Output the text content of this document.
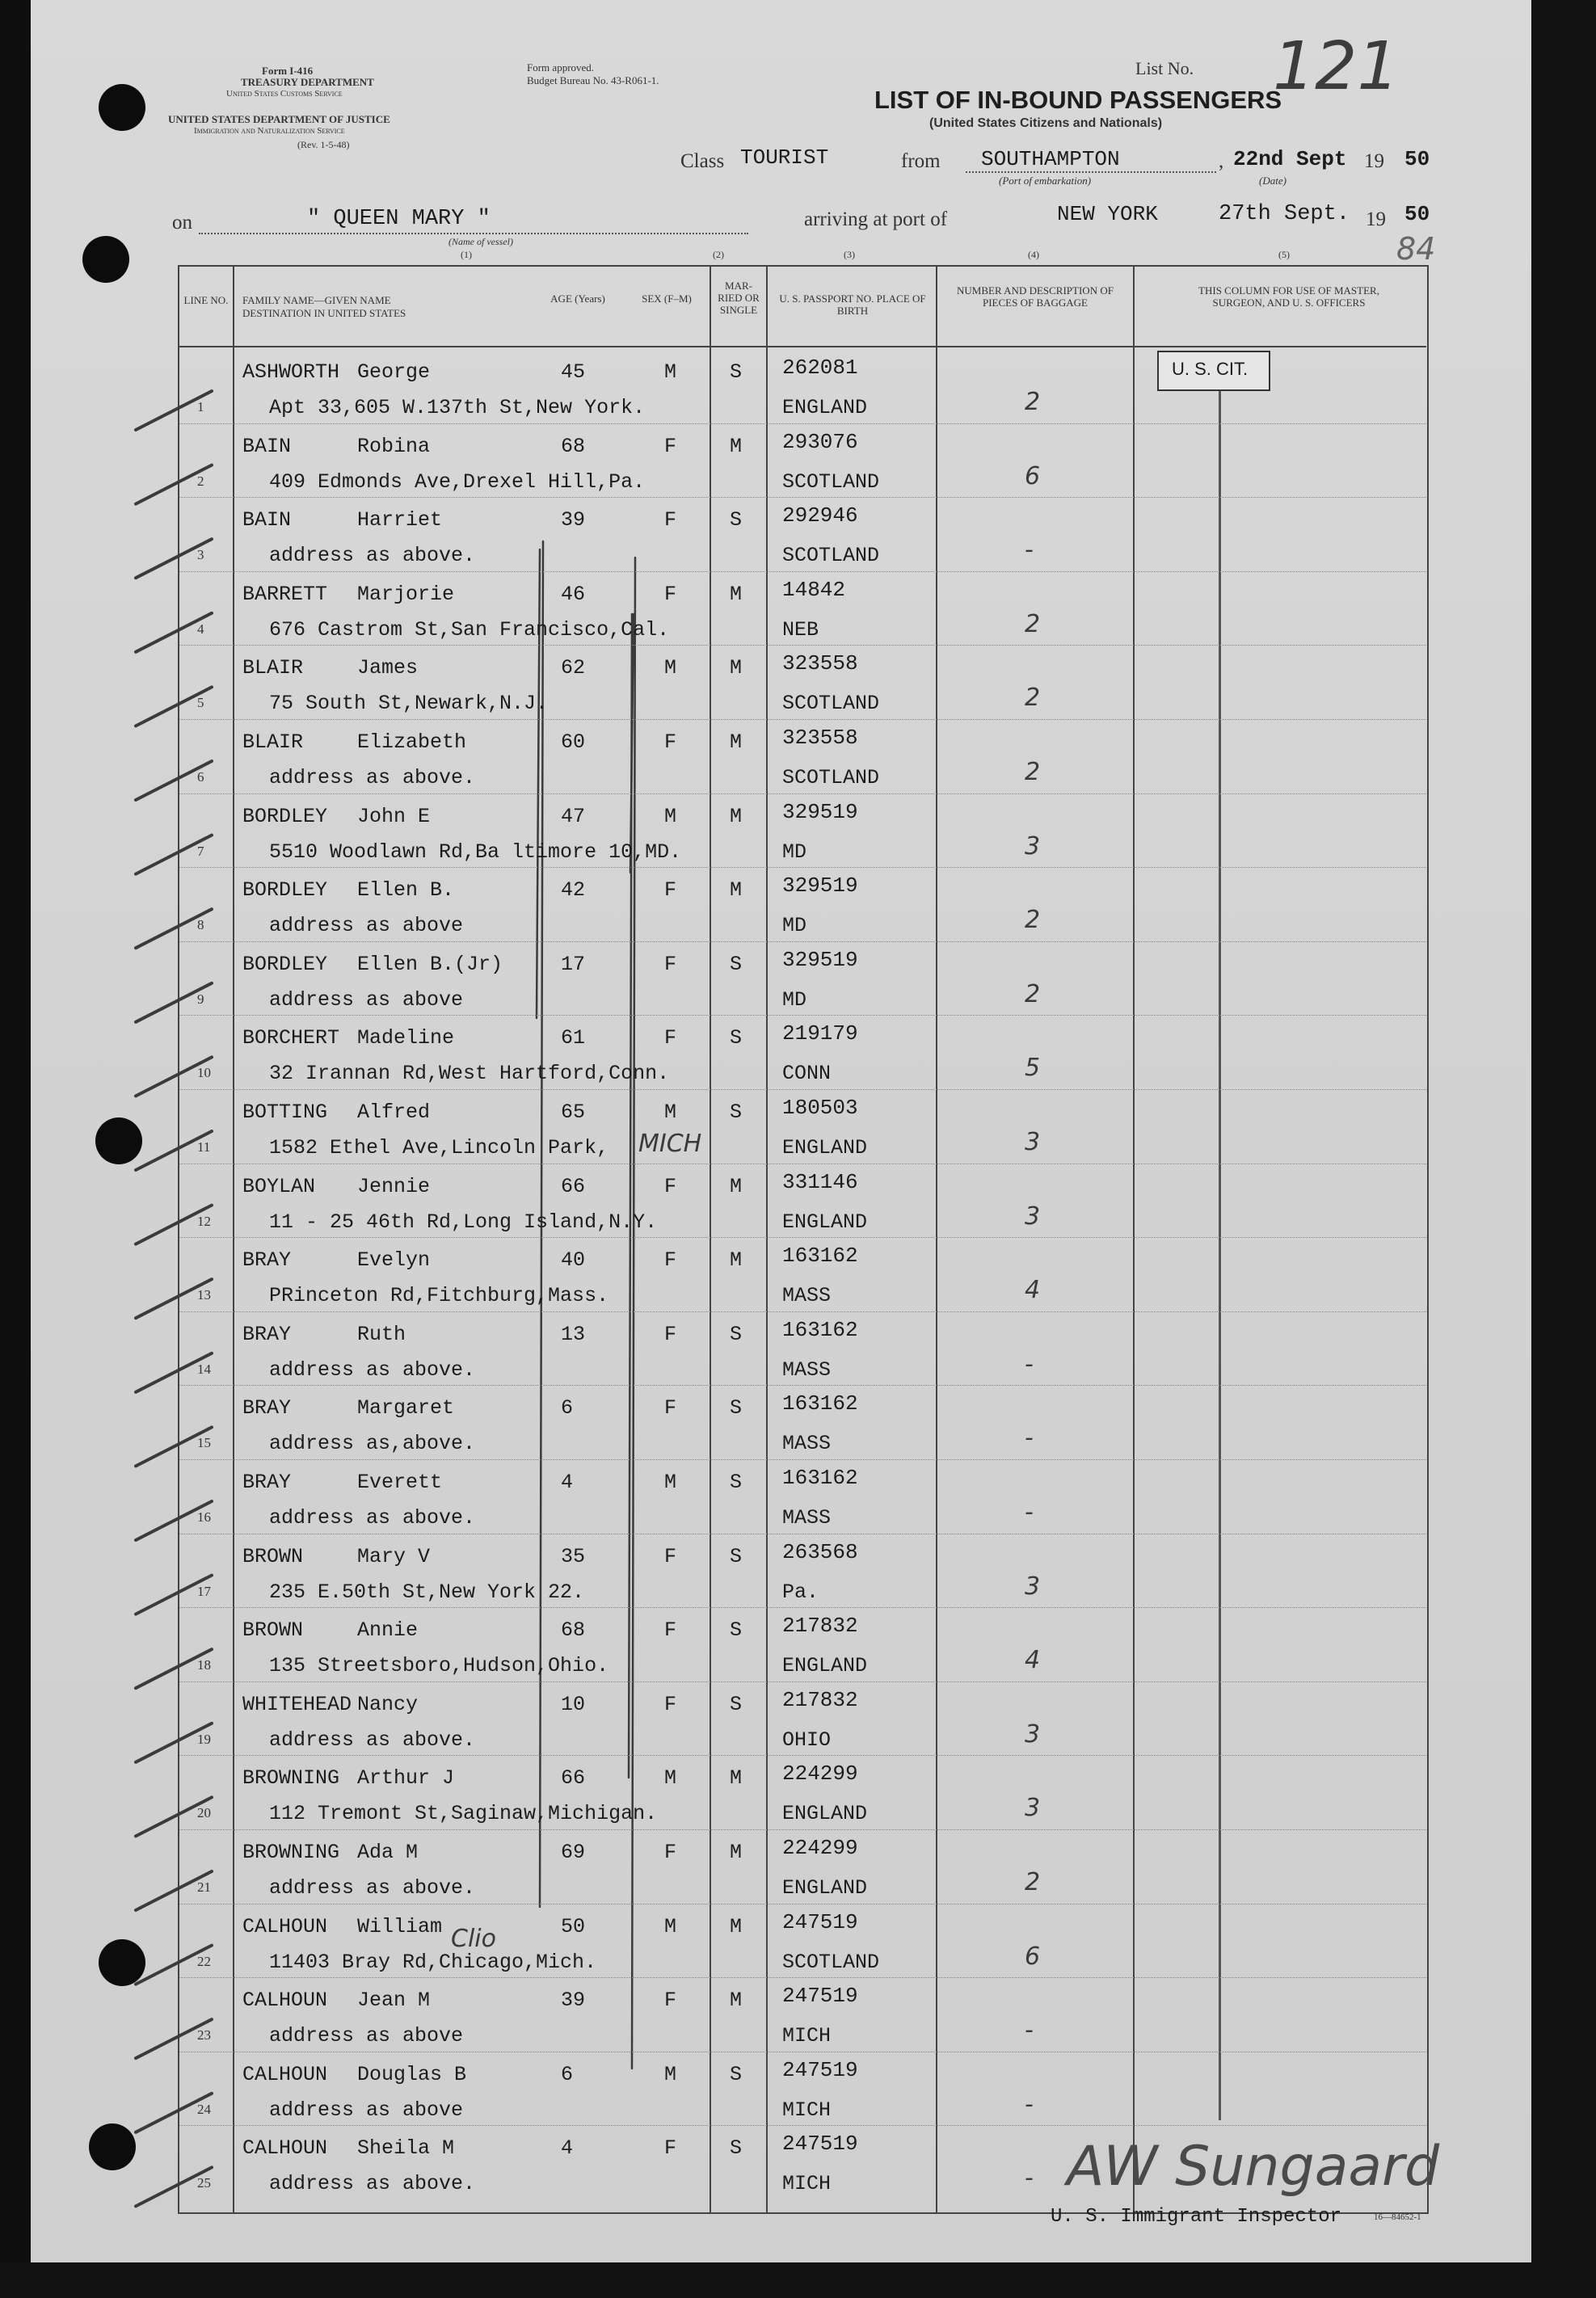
Form I-416
TREASURY DEPARTMENT
United States Customs Service
Form approved.
Budget Bureau No. 43-R061-1.
UNITED STATES DEPARTMENT OF JUSTICE
Immigration and Naturalization Service
(Rev. 1-5-48)
List No. 121
LIST OF IN-BOUND PASSENGERS
(United States Citizens and Nationals)
Class TOURIST	from SOUTHAMPTON
(Port of embarkation)
, 22nd Sept 19 50
(Date)
on	" QUEEN MARY "
(Name of vessel)
(1)
arriving at port of	NEW YORK	27th Sept. 19 50
(2)	(3)	(4)	(5)	84
LINE NO. FAMILY NAME—GIVEN NAME
DESTINATION IN UNITED STATES
AGE (Years)	SEX (F–M)
MAR- RIED OR SINGLE
U. S. PASSPORT NO. PLACE OF BIRTH
NUMBER AND DESCRIPTION OF PIECES OF BAGGAGE
THIS COLUMN FOR USE OF MASTER, SURGEON, AND U. S. OFFICERS
U. S. CIT.
AW Sungaard
U. S. Immigrant Inspector	16—84652-1
1
ASHWORTH George
Apt 33,605 W.137th St,New York.
45	M	S 262081
ENGLAND	2
2
BAIN	Robina
409 Edmonds Ave,Drexel Hill,Pa.
68	F	M 293076
SCOTLAND	6
3
BAIN	Harriet
address as above.
39	F	S 292946
SCOTLAND	-
4
BARRETT Marjorie
676 Castrom St,San Francisco,Cal.
46	F	M 14842
NEB	2
5
BLAIR	James
75 South St,Newark,N.J.
62	M	M 323558
SCOTLAND	2
6
BLAIR	Elizabeth
address as above.
60	F	M 323558
SCOTLAND	2
7
BORDLEY John E
5510 Woodlawn Rd,Ba ltimore 10,MD.
47	M	M 329519
MD	3
8
BORDLEY Ellen B.
address as above
42	F	M 329519
MD	2
9
BORDLEY Ellen B.(Jr)
address as above
17	F	S 329519
MD	2
10
BORCHERT Madeline
32 Irannan Rd,West Hartford,Conn.
61	F	S 219179
CONN	5
11
BOTTING Alfred
1582 Ethel Ave,Lincoln Park, MICH
65	M	S 180503
ENGLAND	3
12
BOYLAN Jennie
11 - 25 46th Rd,Long Island,N.Y.
66	F	M 331146
ENGLAND	3
13
BRAY	Evelyn
PRinceton Rd,Fitchburg,Mass.
40	F	M 163162
MASS	4
14
BRAY	Ruth
address as above.
13	F	S 163162
MASS	-
15
BRAY	Margaret
address as,above.
6	F	S 163162
MASS	-
16
BRAY	Everett
address as above.
4	M	S 163162
MASS	-
17
BROWN	Mary V
235 E.50th St,New York 22.
35	F	S 263568
Pa.	3
18
BROWN	Annie
135 Streetsboro,Hudson,Ohio.
68	F	S 217832
ENGLAND	4
19
WHITEHEAD Nancy
address as above.
10	F	S 217832
OHIO	3
20
BROWNING Arthur J
112 Tremont St,Saginaw,Michigan.
66	M	M 224299
ENGLAND	3
21
BROWNING Ada M
address as above.
69	F	M 224299
ENGLAND	2
22
CALHOUN William
11403 Bray Rd,Chicago,Mich.
Clio	50	M	M 247519
SCOTLAND	6
23
CALHOUN Jean M
address as above
39	F	M 247519
MICH	-
24
CALHOUN Douglas B
address as above
6	M	S 247519
MICH	-
25
CALHOUN Sheila M
address as above.
4	F	S 247519
MICH	-
